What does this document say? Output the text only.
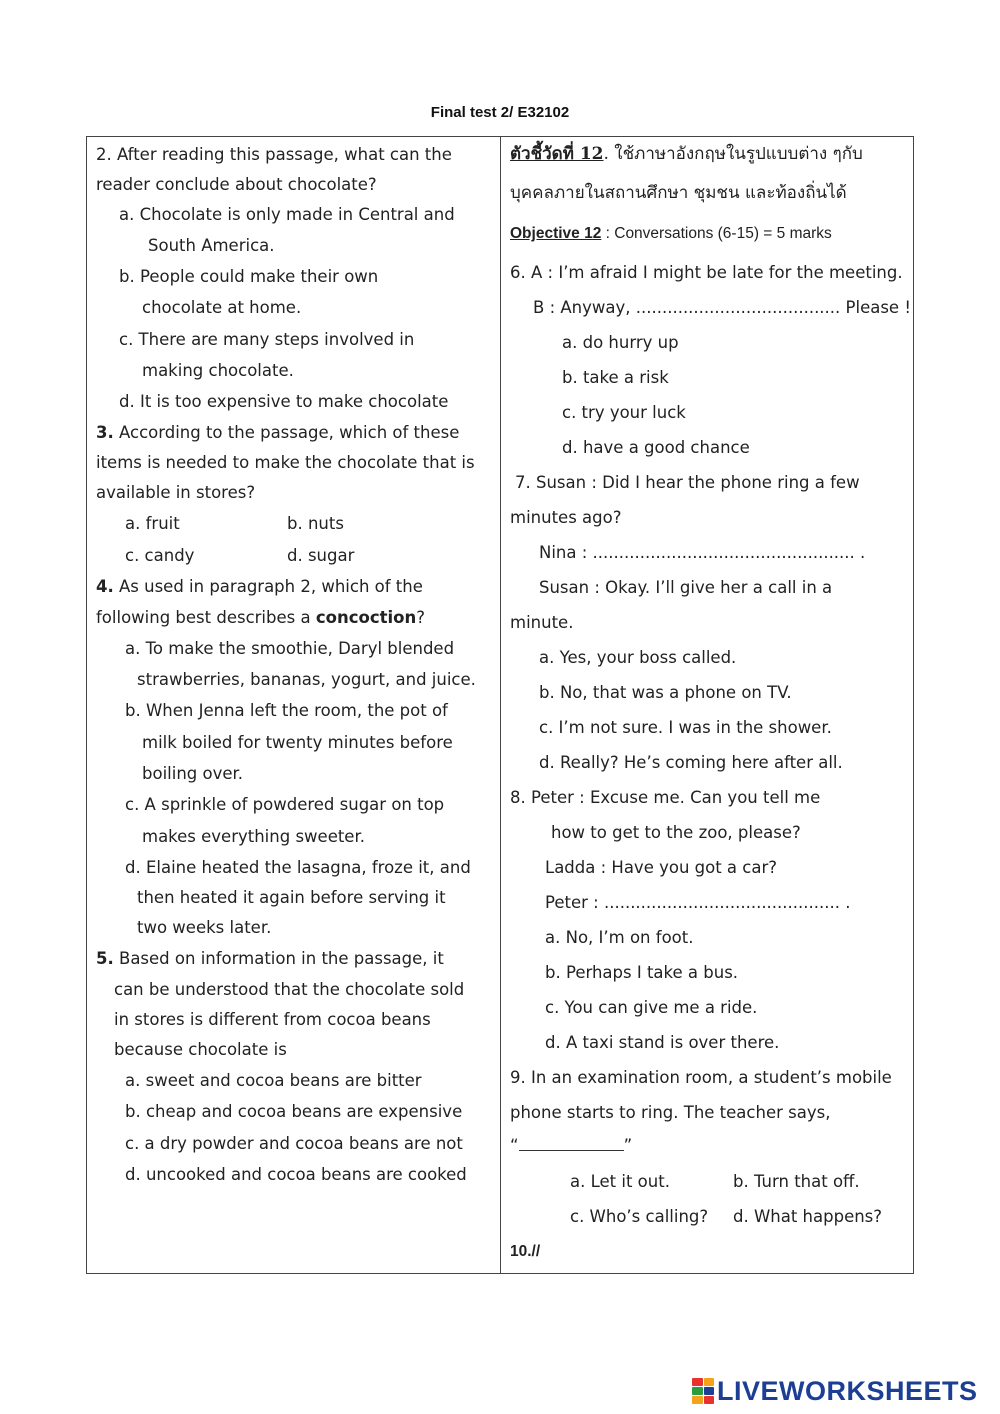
Final test 2/ E32102
2. After reading this passage, what can the
reader conclude about chocolate?
a. Chocolate is only made in Central and
South America.
b. People could make their own
chocolate at home.
c. There are many steps involved in
making chocolate.
d. It is too expensive to make chocolate
3. According to the passage, which of these
items is needed to make the chocolate that is
available in stores?
a. fruit	b. nuts
c. candy	d. sugar
4. As used in paragraph 2, which of the
following best describes a concoction?
a. To make the smoothie, Daryl blended
strawberries, bananas, yogurt, and juice.
b. When Jenna left the room, the pot of
milk boiled for twenty minutes before
boiling over.
c. A sprinkle of powdered sugar on top
makes everything sweeter.
d. Elaine heated the lasagna, froze it, and
then heated it again before serving it
two weeks later.
5. Based on information in the passage, it
can be understood that the chocolate sold
in stores is different from cocoa beans
because chocolate is
a. sweet and cocoa beans are bitter
b. cheap and cocoa beans are expensive
c. a dry powder and cocoa beans are not
d. uncooked and cocoa beans are cooked
ตัวชี้วัดที่ 12. ใช้ภาษาอังกฤษในรูปแบบต่าง ๆกับ
บุคคลภายในสถานศึกษา ชุมชน และท้องถิ่นได้
Objective 12 : Conversations (6-15) = 5 marks
6. A : I’m afraid I might be late for the meeting.
B : Anyway, ....................................... Please !
a. do hurry up
b. take a risk
c. try your luck
d. have a good chance
7. Susan : Did I hear the phone ring a few
minutes ago?
Nina : .................................................. .
Susan : Okay. I’ll give her a call in a
minute.
a. Yes, your boss called.
b. No, that was a phone on TV.
c. I’m not sure. I was in the shower.
d. Really? He’s coming here after all.
8. Peter : Excuse me. Can you tell me
how to get to the zoo, please?
Ladda : Have you got a car?
Peter : ............................................. .
a. No, I’m on foot.
b. Perhaps I take a bus.
c. You can give me a ride.
d. A taxi stand is over there.
9. In an examination room, a student’s mobile
phone starts to ring. The teacher says,
“	”
a. Let it out.	b. Turn that off.
c. Who’s calling? d. What happens?
10.//
LIVEWORKSHEETS
